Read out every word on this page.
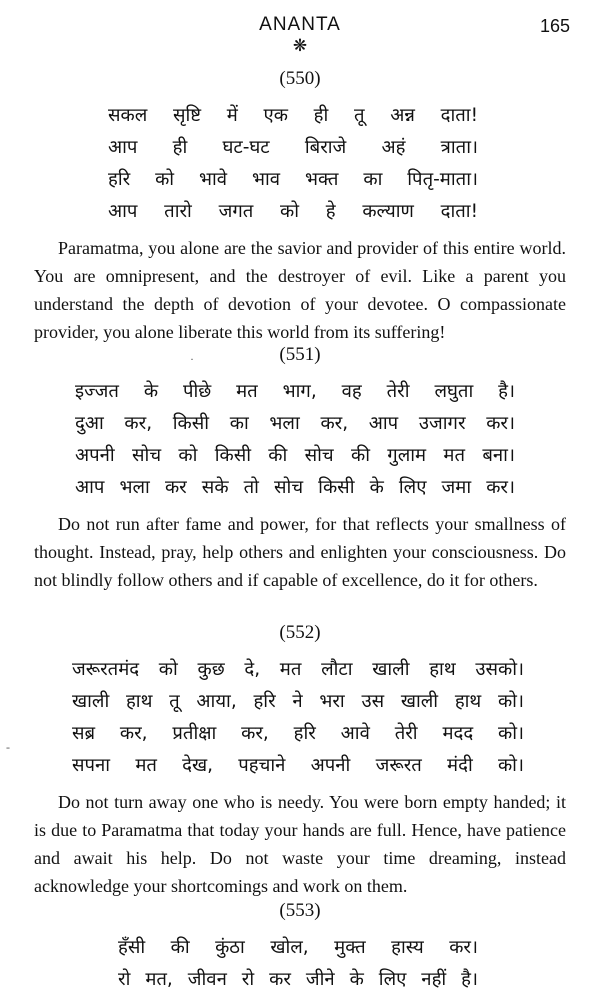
ANANTA
❋
165
(550)
सकल सृष्टि में एक ही तू अन्न दाता!
आप ही घट-घट बिराजे अहं त्राता।
हरि को भावे भाव भक्त का पितृ-माता।
आप तारो जगत को हे कल्याण दाता!
Paramatma, you alone are the savior and provider of this entire world. You are omnipresent, and the destroyer of evil. Like a parent you understand the depth of devotion of your devotee. O compassionate provider, you alone liberate this world from its suffering!
(551)
इज्जत के पीछे मत भाग, वह तेरी लघुता है।
दुआ कर, किसी का भला कर, आप उजागर कर।
अपनी सोच को किसी की सोच की गुलाम मत बना।
आप भला कर सके तो सोच किसी के लिए जमा कर।
Do not run after fame and power, for that reflects your smallness of thought. Instead, pray, help others and enlighten your consciousness. Do not blindly follow others and if capable of excellence, do it for others.
(552)
जरूरतमंद को कुछ दे, मत लौटा खाली हाथ उसको।
खाली हाथ तू आया, हरि ने भरा उस खाली हाथ को।
सब्र कर, प्रतीक्षा कर, हरि आवे तेरी मदद को।
सपना मत देख, पहचाने अपनी जरूरत मंदी को।
Do not turn away one who is needy. You were born empty handed; it is due to Paramatma that today your hands are full. Hence, have patience and await his help. Do not waste your time dreaming, instead acknowledge your shortcomings and work on them.
(553)
हँसी की कुंठा खोल, मुक्त हास्य कर।
रो मत, जीवन रो कर जीने के लिए नहीं है।
·
-
